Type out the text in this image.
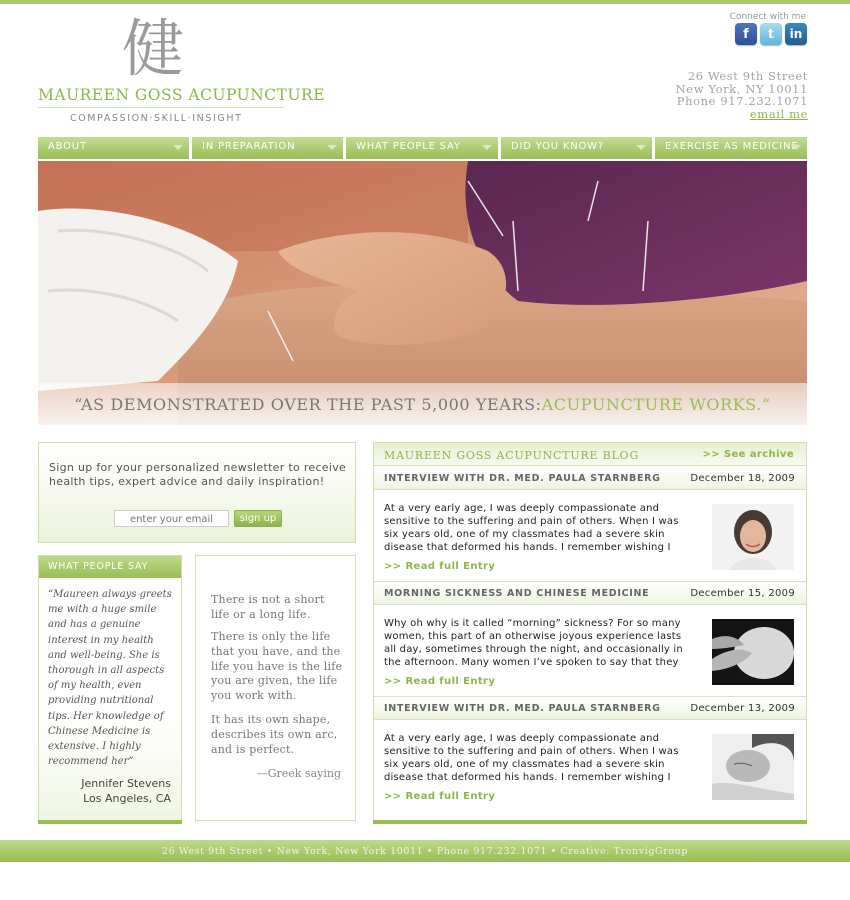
健
MAUREEN GOSS ACUPUNCTURE
COMPASSION·SKILL·INSIGHT
Connect with me
f	t	in
26 West 9th Street
New York, NY 10011
Phone 917.232.1071
email me
ABOUT	IN PREPARATION	WHAT PEOPLE SAY	DID YOU KNOW?	EXERCISE AS MEDICINE
“AS DEMONSTRATED OVER THE PAST 5,000 YEARS: ACUPUNCTURE WORKS.”
Sign up for your personalized newsletter to receive health tips, expert advice and daily inspiration!
enter your email
sign up
WHAT PEOPLE SAY
“Maureen always greets me with a huge smile and has a genuine interest in my health and well-being. She is thorough in all aspects of my health, even providing nutritional tips. Her knowledge of Chinese Medicine is extensive. I highly recommend her”
Jennifer Stevens
Los Angeles, CA
There is not a short life or a long life.
There is only the life that you have, and the life you have is the life you are given, the life you work with.
It has its own shape, describes its own arc, and is perfect.
—Greek saying
MAUREEN GOSS ACUPUNCTURE BLOG	>> See archive
INTERVIEW WITH DR. MED. PAULA STARNBERG	December 18, 2009
At a very early age, I was deeply compassionate and sensitive to the suffering and pain of others. When I was six years old, one of my classmates had a severe skin disease that deformed his hands. I remember wishing I
>> Read full Entry
MORNING SICKNESS AND CHINESE MEDICINE	December 15, 2009
Why oh why is it called “morning” sickness? For so many women, this part of an otherwise joyous experience lasts all day, sometimes through the night, and occasionally in the afternoon. Many women I’ve spoken to say that they
>> Read full Entry
INTERVIEW WITH DR. MED. PAULA STARNBERG	December 13, 2009
At a very early age, I was deeply compassionate and sensitive to the suffering and pain of others. When I was six years old, one of my classmates had a severe skin disease that deformed his hands. I remember wishing I
>> Read full Entry
26 West 9th Street • New York, New York 10011 • Phone 917.232.1071 • Creative: TronvigGroup
